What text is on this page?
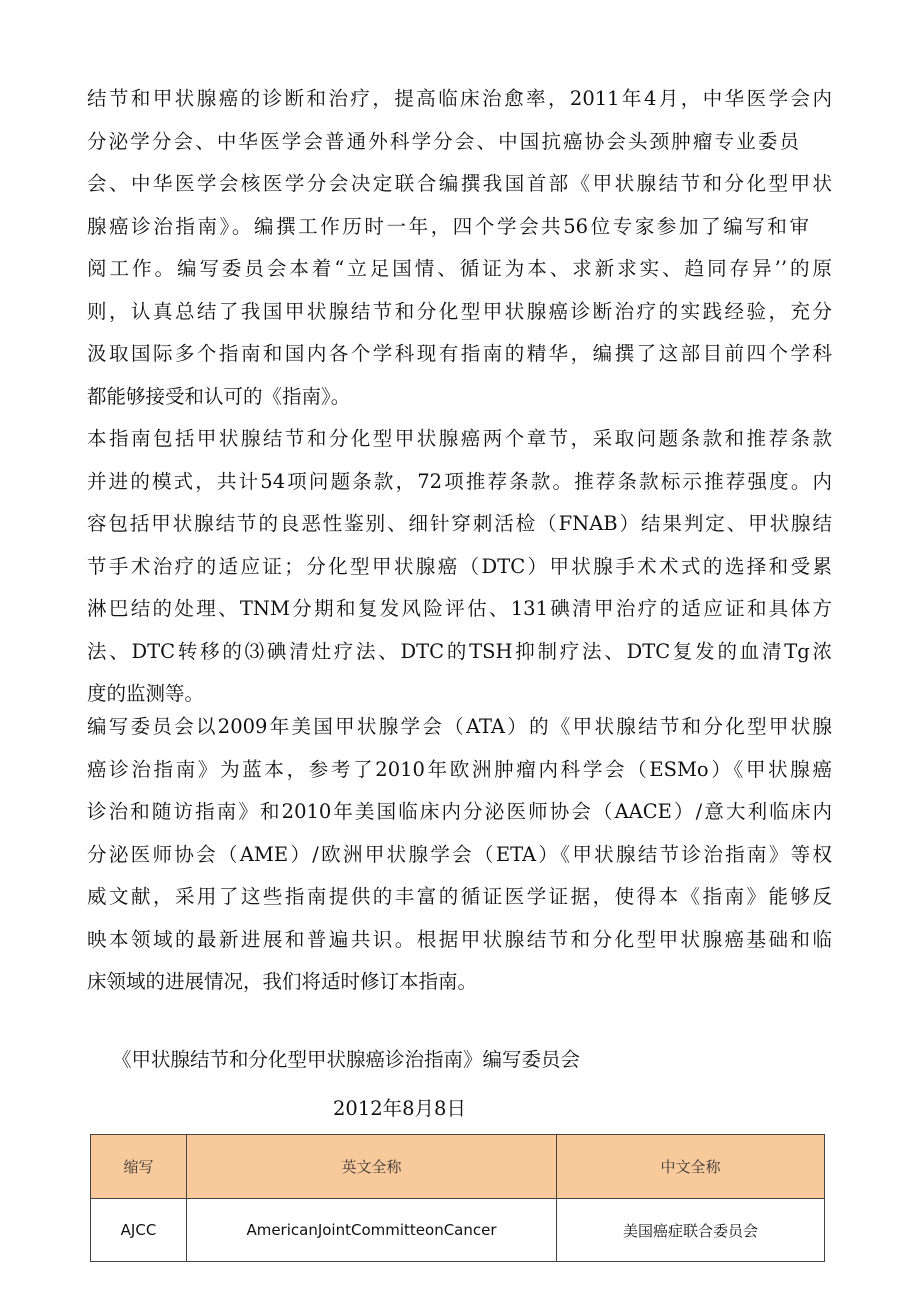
结节和甲状腺癌的诊断和治疗，提高临床治愈率，2011年4月，中华医学会内
分泌学分会、中华医学会普通外科学分会、中国抗癌协会头颈肿瘤专业委员
会、中华医学会核医学分会决定联合编撰我国首部《甲状腺结节和分化型甲状
腺癌诊治指南》。编撰工作历时一年，四个学会共56位专家参加了编写和审
阅工作。编写委员会本着“立足国情、循证为本、求新求实、趋同存异’’的原
则，认真总结了我国甲状腺结节和分化型甲状腺癌诊断治疗的实践经验，充分
汲取国际多个指南和国内各个学科现有指南的精华，编撰了这部目前四个学科
都能够接受和认可的《指南》。
本指南包括甲状腺结节和分化型甲状腺癌两个章节，采取问题条款和推荐条款
并进的模式，共计54项问题条款，72项推荐条款。推荐条款标示推荐强度。内
容包括甲状腺结节的良恶性鉴别、细针穿刺活检（FNAB）结果判定、甲状腺结
节手术治疗的适应证；分化型甲状腺癌（DTC）甲状腺手术术式的选择和受累
淋巴结的处理、TNM分期和复发风险评估、131碘清甲治疗的适应证和具体方
法、DTC转移的⑶碘清灶疗法、DTC的TSH抑制疗法、DTC复发的血清Tg浓
度的监测等。
编写委员会以2009年美国甲状腺学会（ATA）的《甲状腺结节和分化型甲状腺
癌诊治指南》为蓝本，参考了2010年欧洲肿瘤内科学会（ESMo）《甲状腺癌
诊治和随访指南》和2010年美国临床内分泌医师协会（AACE）/意大利临床内
分泌医师协会（AME）/欧洲甲状腺学会（ETA）《甲状腺结节诊治指南》等权
威文献，采用了这些指南提供的丰富的循证医学证据，使得本《指南》能够反
映本领域的最新进展和普遍共识。根据甲状腺结节和分化型甲状腺癌基础和临
床领域的进展情况，我们将适时修订本指南。
《甲状腺结节和分化型甲状腺癌诊治指南》编写委员会
2012年8月8日
缩写	英文全称	中文全称
AJCC	AmericanJointCommitteonCancer	美国癌症联合委员会
